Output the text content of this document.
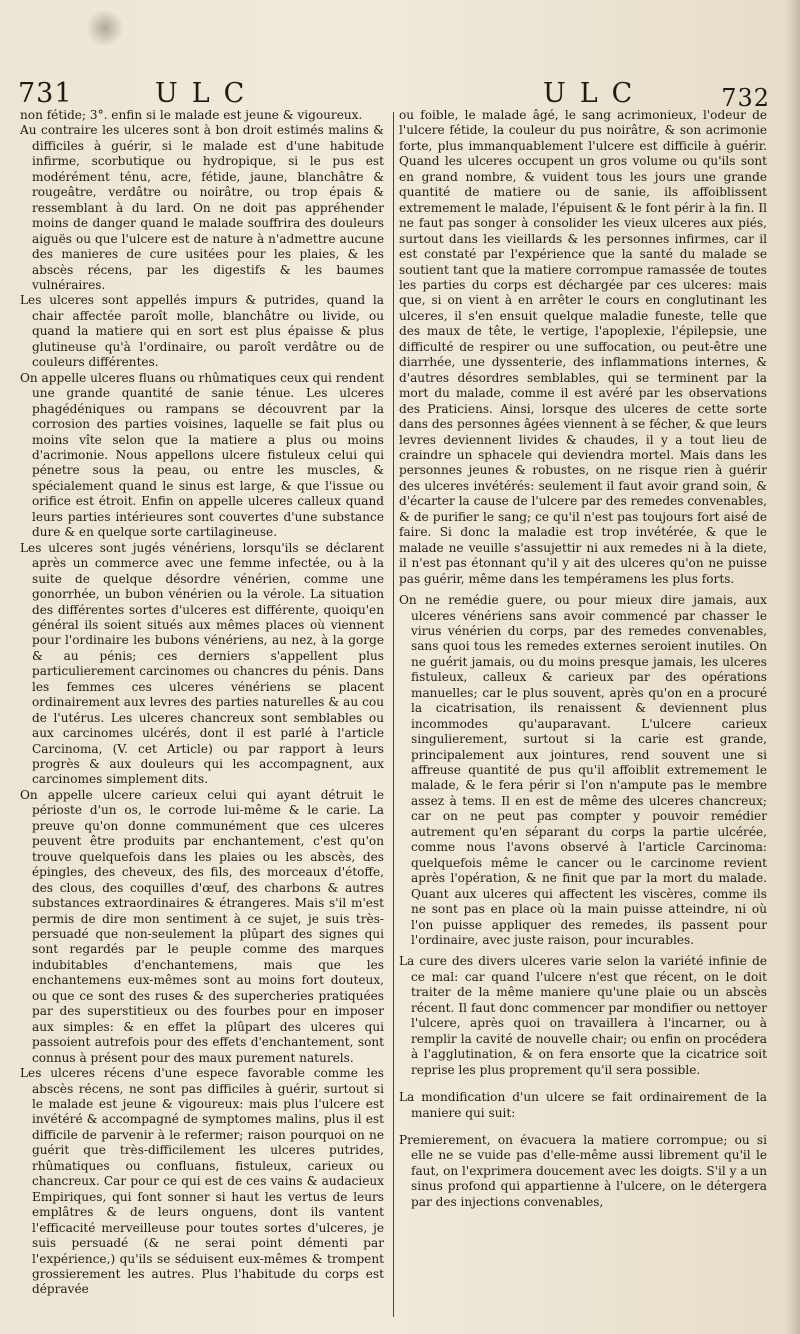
731	ULC	ULC	732

non fétide; 3°. enfin si le malade est jeune & vigoureux.

Au contraire les ulceres sont à bon droit estimés malins & difficiles à guérir, si le malade est d'une habitude infirme, scorbutique ou hydropique, si le pus est modérément ténu, acre, fétide, jaune, blanchâtre & rougeâtre, verdâtre ou noirâtre, ou trop épais & ressemblant à du lard. On ne doit pas appréhender moins de danger quand le malade souffrira des douleurs aiguës ou que l'ulcere est de nature à n'admettre aucune des manieres de cure usitées pour les plaies, & les abscès récens, par les digestifs & les baumes vulnéraires.

Les ulceres sont appellés impurs & putrides, quand la chair affectée paroît molle, blanchâtre ou livide, ou quand la matiere qui en sort est plus épaisse & plus glutineuse qu'à l'ordinaire, ou paroît verdâtre ou de couleurs différentes.

On appelle ulceres fluans ou rhûmatiques ceux qui rendent une grande quantité de sanie ténue. Les ulceres phagédéniques ou rampans se découvrent par la corrosion des parties voisines, laquelle se fait plus ou moins vîte selon que la matiere a plus ou moins d'acrimonie. Nous appellons ulcere fistuleux celui qui pénetre sous la peau, ou entre les muscles, & spécialement quand le sinus est large, & que l'issue ou orifice est étroit. Enfin on appelle ulceres calleux quand leurs parties intérieures sont couvertes d'une substance dure & en quelque sorte cartilagineuse.

Les ulceres sont jugés vénériens, lorsqu'ils se déclarent après un commerce avec une femme infectée, ou à la suite de quelque désordre vénérien, comme une gonorrhée, un bubon vénérien ou la vérole. La situation des différentes sortes d'ulceres est différente, quoiqu'en général ils soient situés aux mêmes places où viennent pour l'ordinaire les bubons vénériens, au nez, à la gorge & au pénis; ces derniers s'appellent plus particulierement carcinomes ou chancres du pénis. Dans les femmes ces ulceres vénériens se placent ordinairement aux levres des parties naturelles & au cou de l'utérus. Les ulceres chancreux sont semblables ou aux carcinomes ulcérés, dont il est parlé à l'article Carcinoma, (V. cet Article) ou par rapport à leurs progrès & aux douleurs qui les accompagnent, aux carcinomes simplement dits.

On appelle ulcere carieux celui qui ayant détruit le périoste d'un os, le corrode lui-même & le carie. La preuve qu'on donne communément que ces ulceres peuvent être produits par enchantement, c'est qu'on trouve quelquefois dans les plaies ou les abscès, des épingles, des cheveux, des fils, des morceaux d'étoffe, des clous, des coquilles d'œuf, des charbons & autres substances extraordinaires & étrangeres. Mais s'il m'est permis de dire mon sentiment à ce sujet, je suis très-persuadé que non-seulement la plûpart des signes qui sont regardés par le peuple comme des marques indubitables d'enchantemens, mais que les enchantemens eux-mêmes sont au moins fort douteux, ou que ce sont des ruses & des supercheries pratiquées par des superstitieux ou des fourbes pour en imposer aux simples: & en effet la plûpart des ulceres qui passoient autrefois pour des effets d'enchantement, sont connus à présent pour des maux purement naturels.

Les ulceres récens d'une espece favorable comme les abscès récens, ne sont pas difficiles à guérir, surtout si le malade est jeune & vigoureux: mais plus l'ulcere est invétéré & accompagné de symptomes malins, plus il est difficile de parvenir à le refermer; raison pourquoi on ne guérit que très-difficilement les ulceres putrides, rhûmatiques ou confluans, fistuleux, carieux ou chancreux. Car pour ce qui est de ces vains & audacieux Empiriques, qui font sonner si haut les vertus de leurs emplâtres & de leurs onguens, dont ils vantent l'efficacité merveilleuse pour toutes sortes d'ulceres, je suis persuadé (& ne serai point démenti par l'expérience,) qu'ils se séduisent eux-mêmes & trompent grossierement les autres. Plus l'habitude du corps est dépravée

ou foible, le malade âgé, le sang acrimonieux, l'odeur de l'ulcere fétide, la couleur du pus noirâtre, & son acrimonie forte, plus immanquablement l'ulcere est difficile à guérir. Quand les ulceres occupent un gros volume ou qu'ils sont en grand nombre, & vuident tous les jours une grande quantité de matiere ou de sanie, ils affoiblissent extremement le malade, l'épuisent & le font périr à la fin. Il ne faut pas songer à consolider les vieux ulceres aux piés, surtout dans les vieillards & les personnes infirmes, car il est constaté par l'expérience que la santé du malade se soutient tant que la matiere corrompue ramassée de toutes les parties du corps est déchargée par ces ulceres: mais que, si on vient à en arrêter le cours en conglutinant les ulceres, il s'en ensuit quelque maladie funeste, telle que des maux de tête, le vertige, l'apoplexie, l'épilepsie, une difficulté de respirer ou une suffocation, ou peut-être une diarrhée, une dyssenterie, des inflammations internes, & d'autres désordres semblables, qui se terminent par la mort du malade, comme il est avéré par les observations des Praticiens. Ainsi, lorsque des ulceres de cette sorte dans des personnes âgées viennent à se fécher, & que leurs levres deviennent livides & chaudes, il y a tout lieu de craindre un sphacele qui deviendra mortel. Mais dans les personnes jeunes & robustes, on ne risque rien à guérir des ulceres invétérés: seulement il faut avoir grand soin, & d'écarter la cause de l'ulcere par des remedes convenables, & de purifier le sang; ce qu'il n'est pas toujours fort aisé de faire. Si donc la maladie est trop invétérée, & que le malade ne veuille s'assujettir ni aux remedes ni à la diete, il n'est pas étonnant qu'il y ait des ulceres qu'on ne puisse pas guérir, même dans les tempéramens les plus forts.

On ne remédie guere, ou pour mieux dire jamais, aux ulceres vénériens sans avoir commencé par chasser le virus vénérien du corps, par des remedes convenables, sans quoi tous les remedes externes seroient inutiles. On ne guérit jamais, ou du moins presque jamais, les ulceres fistuleux, calleux & carieux par des opérations manuelles; car le plus souvent, après qu'on en a procuré la cicatrisation, ils renaissent & deviennent plus incommodes qu'auparavant. L'ulcere carieux singulierement, surtout si la carie est grande, principalement aux jointures, rend souvent une si affreuse quantité de pus qu'il affoiblit extremement le malade, & le fera périr si l'on n'ampute pas le membre assez à tems. Il en est de même des ulceres chancreux; car on ne peut pas compter y pouvoir remédier autrement qu'en séparant du corps la partie ulcérée, comme nous l'avons observé à l'article Carcinoma: quelquefois même le cancer ou le carcinome revient après l'opération, & ne finit que par la mort du malade. Quant aux ulceres qui affectent les viscères, comme ils ne sont pas en place où la main puisse atteindre, ni où l'on puisse appliquer des remedes, ils passent pour l'ordinaire, avec juste raison, pour incurables.

La cure des divers ulceres varie selon la variété infinie de ce mal: car quand l'ulcere n'est que récent, on le doit traiter de la même maniere qu'une plaie ou un abscès récent. Il faut donc commencer par mondifier ou nettoyer l'ulcere, après quoi on travaillera à l'incarner, ou à remplir la cavité de nouvelle chair; ou enfin on procédera à l'agglutination, & on fera ensorte que la cicatrice soit reprise les plus proprement qu'il sera possible.

La mondification d'un ulcere se fait ordinairement de la maniere qui suit:

Premierement, on évacuera la matiere corrompue; ou si elle ne se vuide pas d'elle-même aussi librement qu'il le faut, on l'exprimera doucement avec les doigts. S'il y a un sinus profond qui appartienne à l'ulcere, on le détergera par des injections convenables,
